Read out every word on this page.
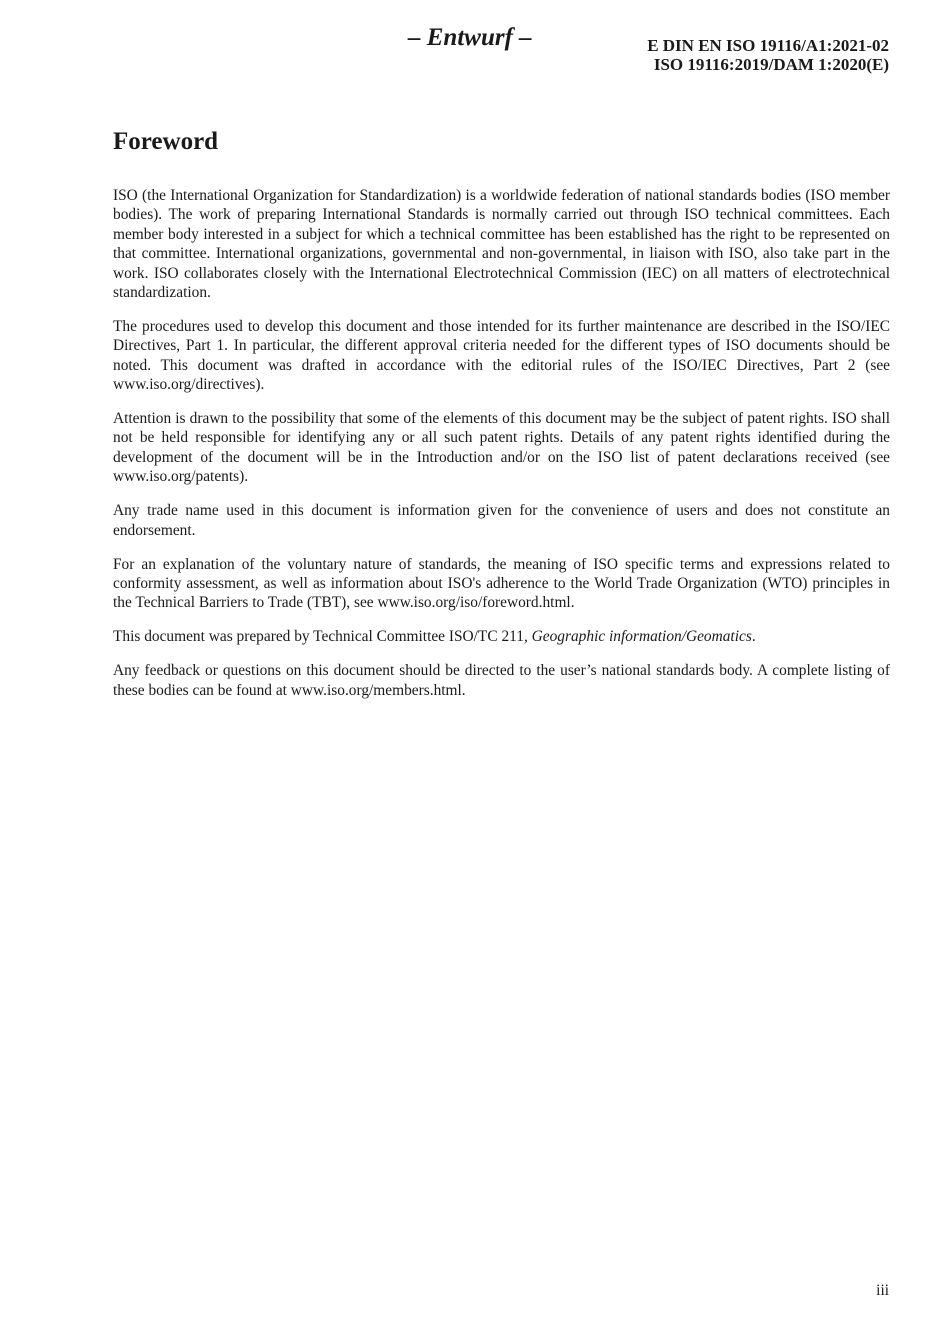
– Entwurf –	E DIN EN ISO 19116/A1:2021-02
ISO 19116:2019/DAM 1:2020(E)
Foreword

ISO (the International Organization for Standardization) is a worldwide federation of national standards bodies (ISO member bodies). The work of preparing International Standards is normally carried out through ISO technical committees. Each member body interested in a subject for which a technical committee has been established has the right to be represented on that committee. International organizations, governmental and non-governmental, in liaison with ISO, also take part in the work. ISO collaborates closely with the International Electrotechnical Commission (IEC) on all matters of electrotechnical standardization.

The procedures used to develop this document and those intended for its further maintenance are described in the ISO/IEC Directives, Part 1. In particular, the different approval criteria needed for the different types of ISO documents should be noted. This document was drafted in accordance with the editorial rules of the ISO/IEC Directives, Part 2 (see www.iso.org/directives).

Attention is drawn to the possibility that some of the elements of this document may be the subject of patent rights. ISO shall not be held responsible for identifying any or all such patent rights. Details of any patent rights identified during the development of the document will be in the Introduction and/or on the ISO list of patent declarations received (see www.iso.org/patents).

Any trade name used in this document is information given for the convenience of users and does not constitute an endorsement.

For an explanation of the voluntary nature of standards, the meaning of ISO specific terms and expressions related to conformity assessment, as well as information about ISO's adherence to the World Trade Organization (WTO) principles in the Technical Barriers to Trade (TBT), see www.iso.org/iso/foreword.html.

This document was prepared by Technical Committee ISO/TC 211, Geographic information/Geomatics.

Any feedback or questions on this document should be directed to the user’s national standards body. A complete listing of these bodies can be found at www.iso.org/members.html.

iii
